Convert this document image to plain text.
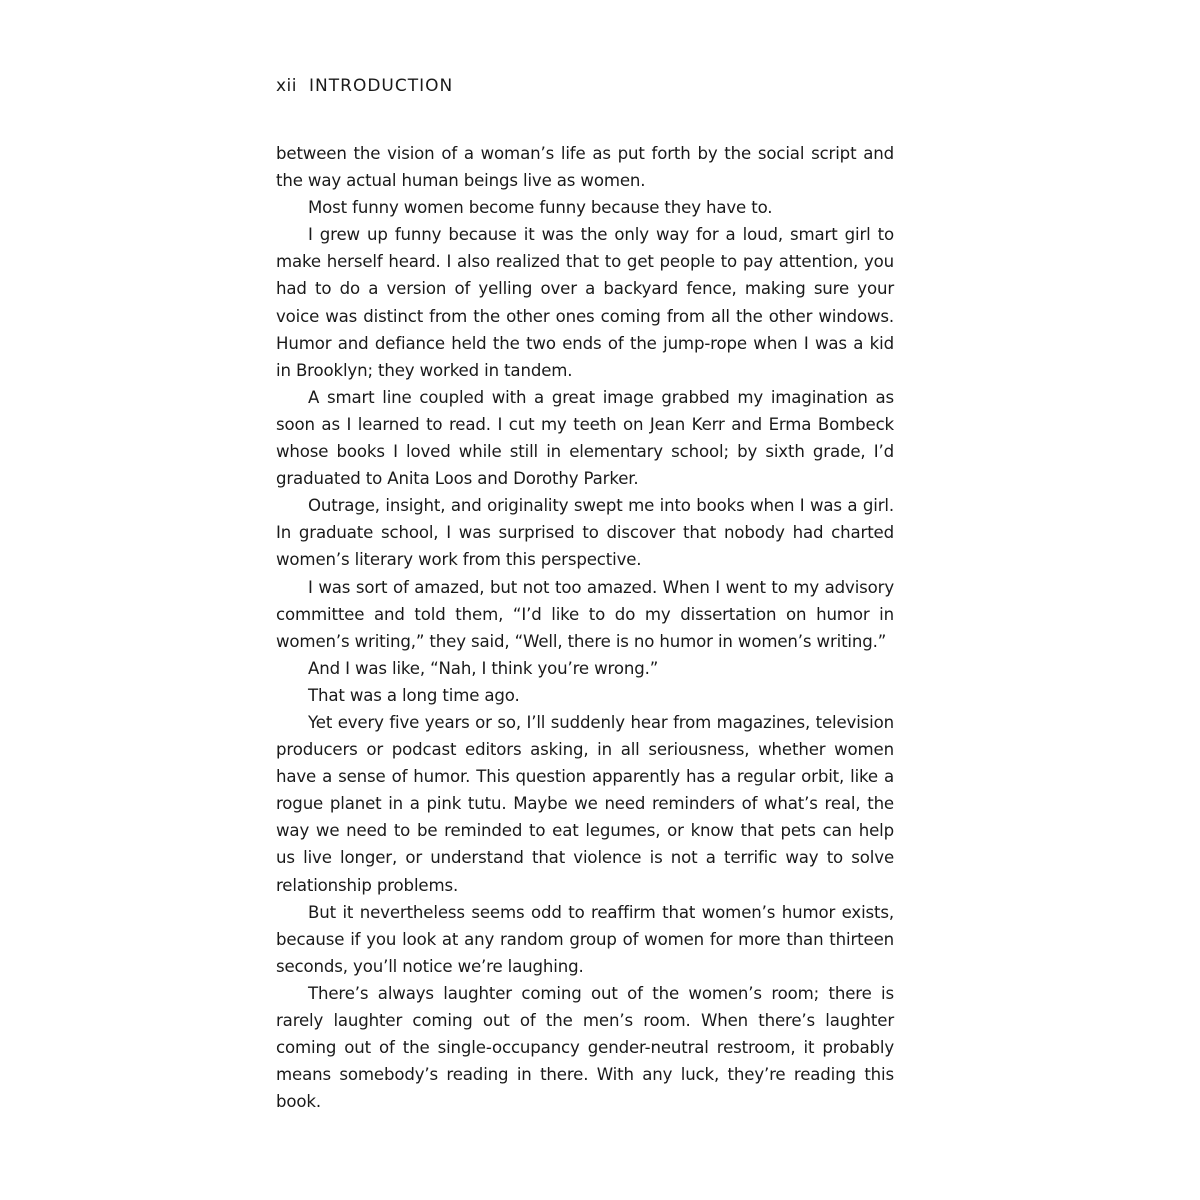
xii INTRODUCTION

between the vision of a woman’s life as put forth by the social script and the way actual human beings live as women.

Most funny women become funny because they have to.

I grew up funny because it was the only way for a loud, smart girl to make herself heard. I also realized that to get people to pay attention, you had to do a version of yelling over a backyard fence, making sure your voice was distinct from the other ones coming from all the other windows. Humor and defiance held the two ends of the jump-rope when I was a kid in Brooklyn; they worked in tandem.

A smart line coupled with a great image grabbed my imagination as soon as I learned to read. I cut my teeth on Jean Kerr and Erma Bombeck whose books I loved while still in elementary school; by sixth grade, I’d graduated to Anita Loos and Dorothy Parker.

Outrage, insight, and originality swept me into books when I was a girl. In graduate school, I was surprised to discover that nobody had charted women’s literary work from this perspective.

I was sort of amazed, but not too amazed. When I went to my advisory committee and told them, “I’d like to do my dissertation on humor in women’s writing,” they said, “Well, there is no humor in women’s writing.”

And I was like, “Nah, I think you’re wrong.”

That was a long time ago.

Yet every five years or so, I’ll suddenly hear from magazines, television producers or podcast editors asking, in all seriousness, whether women have a sense of humor. This question apparently has a regular orbit, like a rogue planet in a pink tutu. Maybe we need reminders of what’s real, the way we need to be reminded to eat legumes, or know that pets can help us live longer, or understand that violence is not a terrific way to solve relationship problems.

But it nevertheless seems odd to reaffirm that women’s humor exists, because if you look at any random group of women for more than thirteen seconds, you’ll notice we’re laughing.

There’s always laughter coming out of the women’s room; there is rarely laughter coming out of the men’s room. When there’s laughter coming out of the single-occupancy gender-neutral restroom, it probably means somebody’s reading in there. With any luck, they’re reading this book.
